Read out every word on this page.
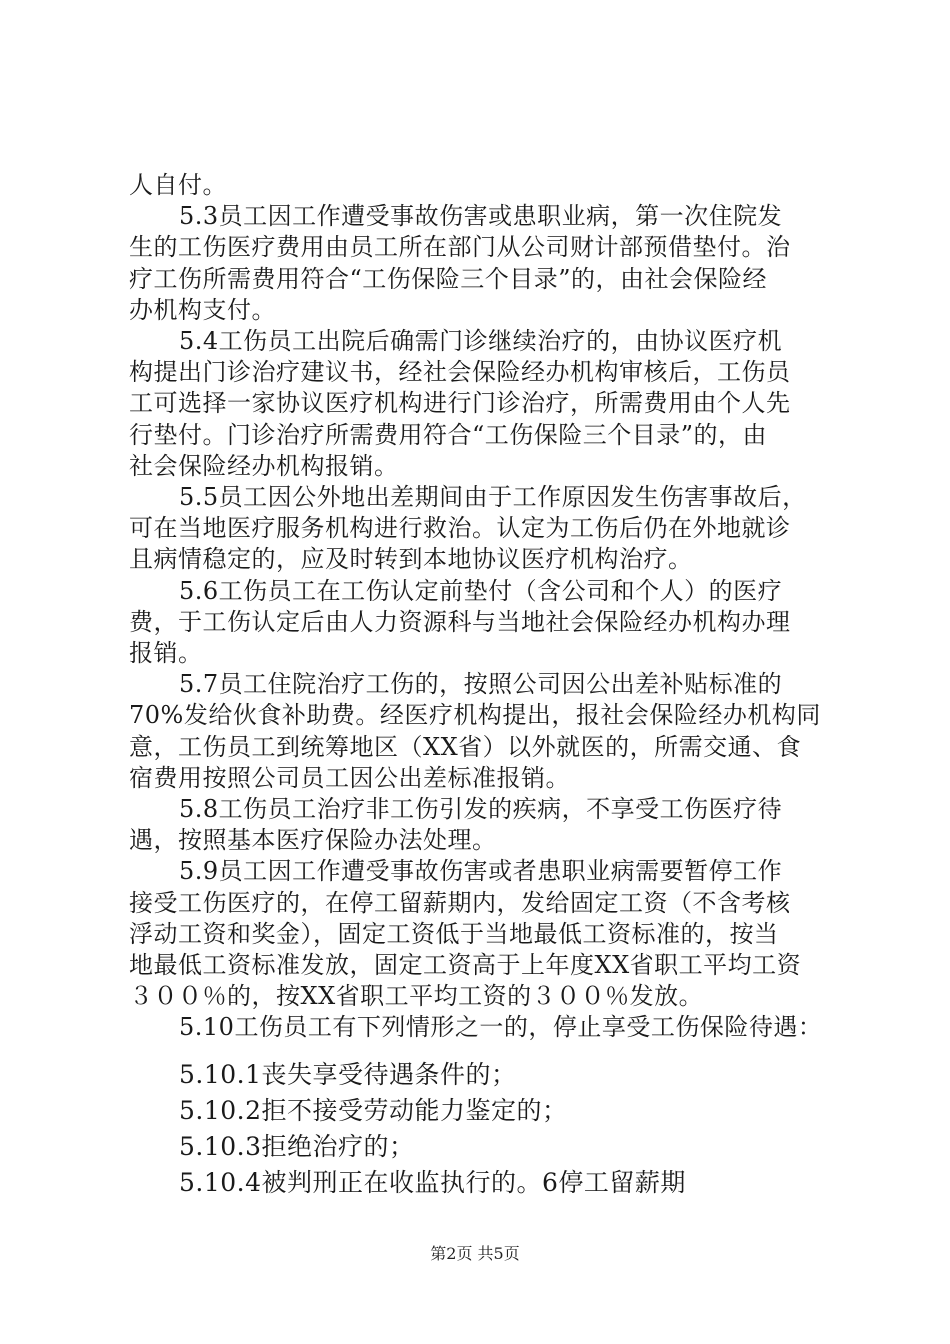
人自付。
5.3员工因工作遭受事故伤害或患职业病，第一次住院发
生的工伤医疗费用由员工所在部门从公司财计部预借垫付。治
疗工伤所需费用符合“工伤保险三个目录”的，由社会保险经
办机构支付。
5.4工伤员工出院后确需门诊继续治疗的，由协议医疗机
构提出门诊治疗建议书，经社会保险经办机构审核后，工伤员
工可选择一家协议医疗机构进行门诊治疗，所需费用由个人先
行垫付。门诊治疗所需费用符合“工伤保险三个目录”的，由
社会保险经办机构报销。
5.5员工因公外地出差期间由于工作原因发生伤害事故后，
可在当地医疗服务机构进行救治。认定为工伤后仍在外地就诊
且病情稳定的，应及时转到本地协议医疗机构治疗。
5.6工伤员工在工伤认定前垫付（含公司和个人）的医疗
费，于工伤认定后由人力资源科与当地社会保险经办机构办理
报销。
5.7员工住院治疗工伤的，按照公司因公出差补贴标准的
70%发给伙食补助费。经医疗机构提出，报社会保险经办机构同
意，工伤员工到统筹地区（XX省）以外就医的，所需交通、食
宿费用按照公司员工因公出差标准报销。
5.8工伤员工治疗非工伤引发的疾病，不享受工伤医疗待
遇，按照基本医疗保险办法处理。
5.9员工因工作遭受事故伤害或者患职业病需要暂停工作
接受工伤医疗的，在停工留薪期内，发给固定工资（不含考核
浮动工资和奖金），固定工资低于当地最低工资标准的，按当
地最低工资标准发放，固定工资高于上年度XX省职工平均工资
３００％的，按XX省职工平均工资的３００％发放。
5.10工伤员工有下列情形之一的，停止享受工伤保险待遇：
5.10.1丧失享受待遇条件的；
5.10.2拒不接受劳动能力鉴定的；
5.10.3拒绝治疗的；
5.10.4被判刑正在收监执行的。6停工留薪期
第2页 共5页
